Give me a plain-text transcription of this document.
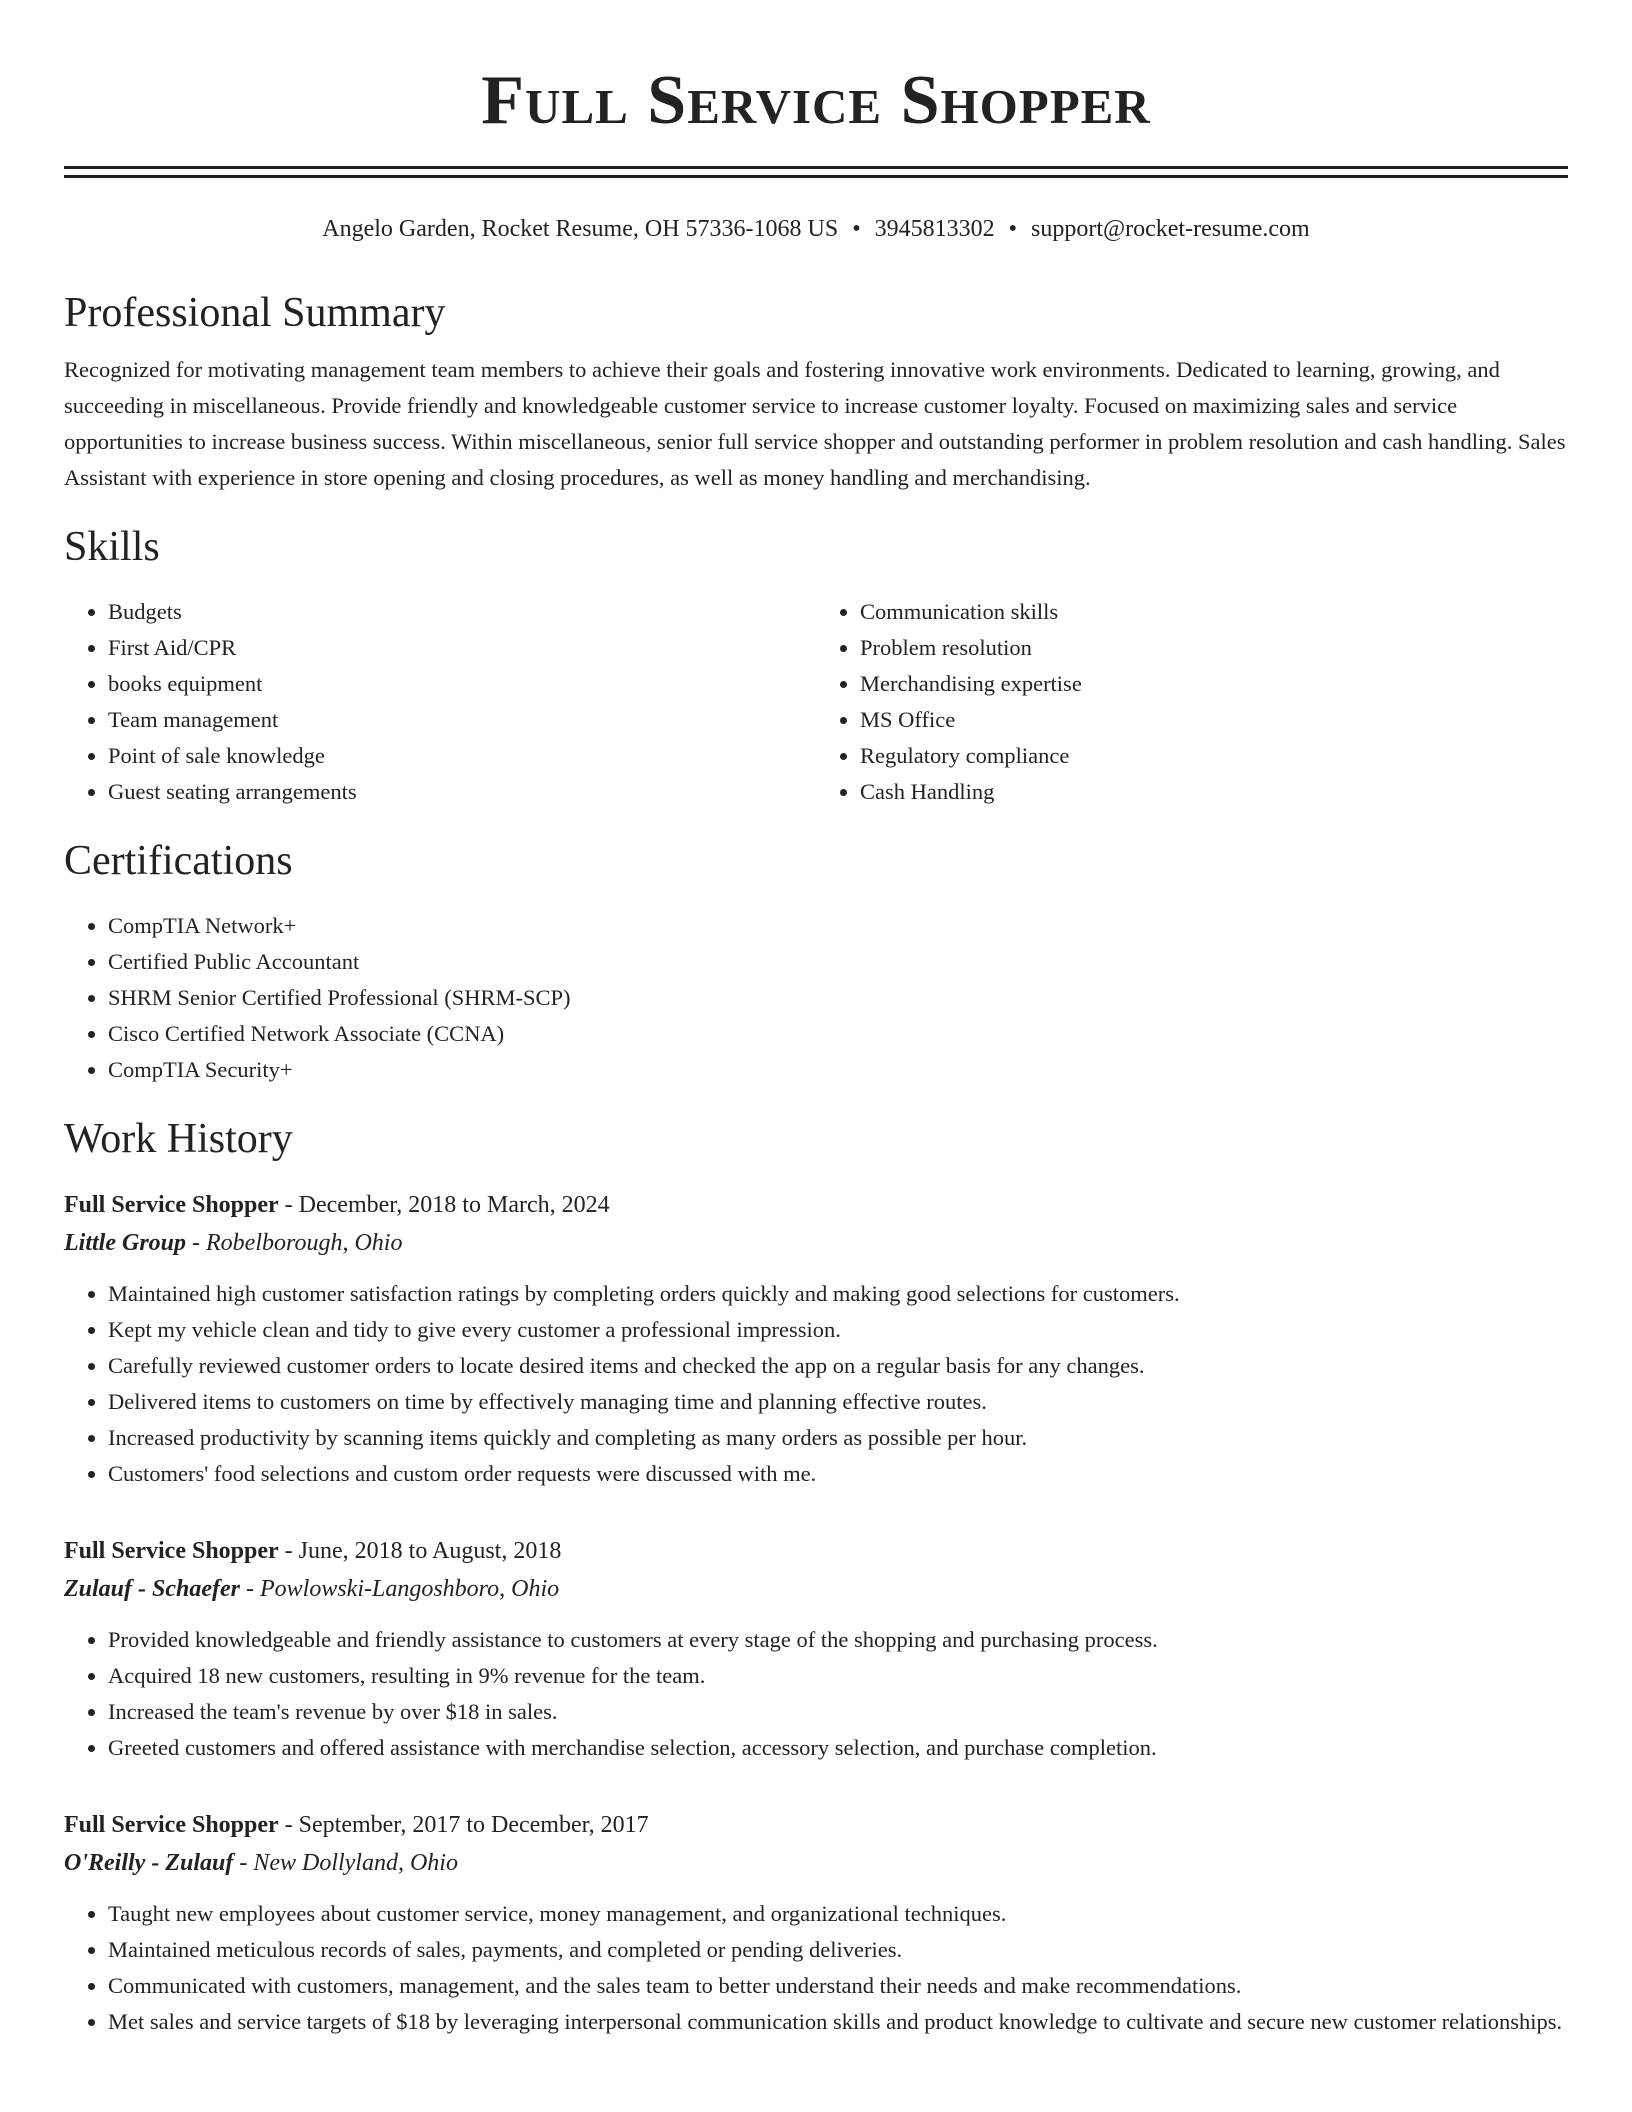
Full Service Shopper
Angelo Garden, Rocket Resume, OH 57336-1068 US • 3945813302 • support@rocket-resume.com
Professional Summary

Recognized for motivating management team members to achieve their goals and fostering innovative work environments. Dedicated to learning, growing, and succeeding in miscellaneous. Provide friendly and knowledgeable customer service to increase customer loyalty. Focused on maximizing sales and service opportunities to increase business success. Within miscellaneous, senior full service shopper and outstanding performer in problem resolution and cash handling. Sales Assistant with experience in store opening and closing procedures, as well as money handling and merchandising.

Skills
• Budgets
• First Aid/CPR
• books equipment
• Team management
• Point of sale knowledge
• Guest seating arrangements
• Communication skills
• Problem resolution
• Merchandising expertise
• MS Office
• Regulatory compliance
• Cash Handling
Certifications
• CompTIA Network+
• Certified Public Accountant
• SHRM Senior Certified Professional (SHRM-SCP)
• Cisco Certified Network Associate (CCNA)
• CompTIA Security+
Work History
Full Service Shopper - December, 2018 to March, 2024
Little Group - Robelborough, Ohio
• Maintained high customer satisfaction ratings by completing orders quickly and making good selections for customers.
• Kept my vehicle clean and tidy to give every customer a professional impression.
• Carefully reviewed customer orders to locate desired items and checked the app on a regular basis for any changes.
• Delivered items to customers on time by effectively managing time and planning effective routes.
• Increased productivity by scanning items quickly and completing as many orders as possible per hour.
• Customers' food selections and custom order requests were discussed with me.
Full Service Shopper - June, 2018 to August, 2018
Zulauf - Schaefer - Powlowski-Langoshboro, Ohio
• Provided knowledgeable and friendly assistance to customers at every stage of the shopping and purchasing process.
• Acquired 18 new customers, resulting in 9% revenue for the team.
• Increased the team's revenue by over $18 in sales.
• Greeted customers and offered assistance with merchandise selection, accessory selection, and purchase completion.
Full Service Shopper - September, 2017 to December, 2017
O'Reilly - Zulauf - New Dollyland, Ohio
• Taught new employees about customer service, money management, and organizational techniques.
• Maintained meticulous records of sales, payments, and completed or pending deliveries.
• Communicated with customers, management, and the sales team to better understand their needs and make recommendations.
• Met sales and service targets of $18 by leveraging interpersonal communication skills and product knowledge to cultivate and secure new customer relationships.
